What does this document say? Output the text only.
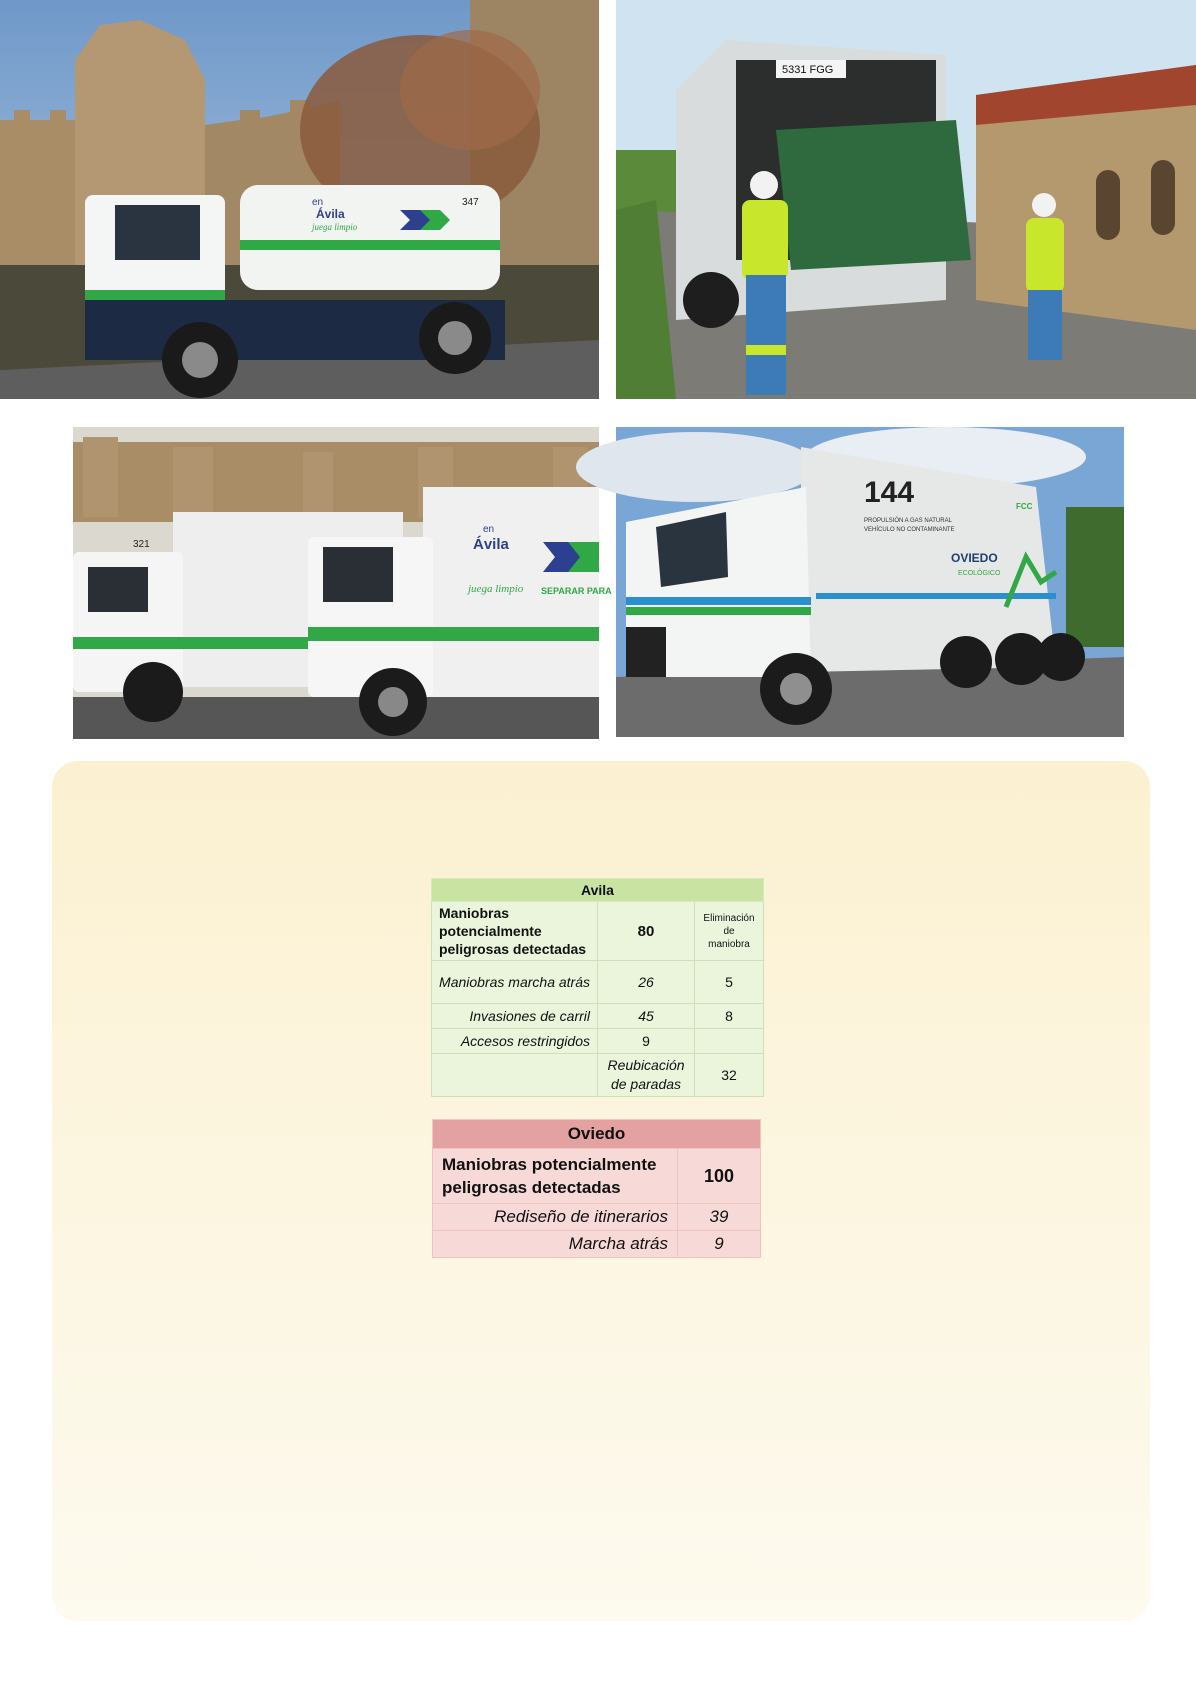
en
Ávila
juega limpio
347
5331 FGG
321
en
Ávila
juega limpio SEPARAR PARA
144
PROPULSIÓN A GAS NATURAL
VEHÍCULO NO CONTAMINANTE
OVIEDO
ECOLÓGICO
FCC
Avila		
Maniobras potencialmente peligrosas detectadas	80	Eliminación de maniobra
Maniobras marcha atrás	26	5
Invasiones de carril	45	8
Accesos restringidos	9	
	Reubicación de paradas	32
Oviedo	
Maniobras potencialmente peligrosas detectadas	100
Rediseño de itinerarios	39
Marcha atrás	9
